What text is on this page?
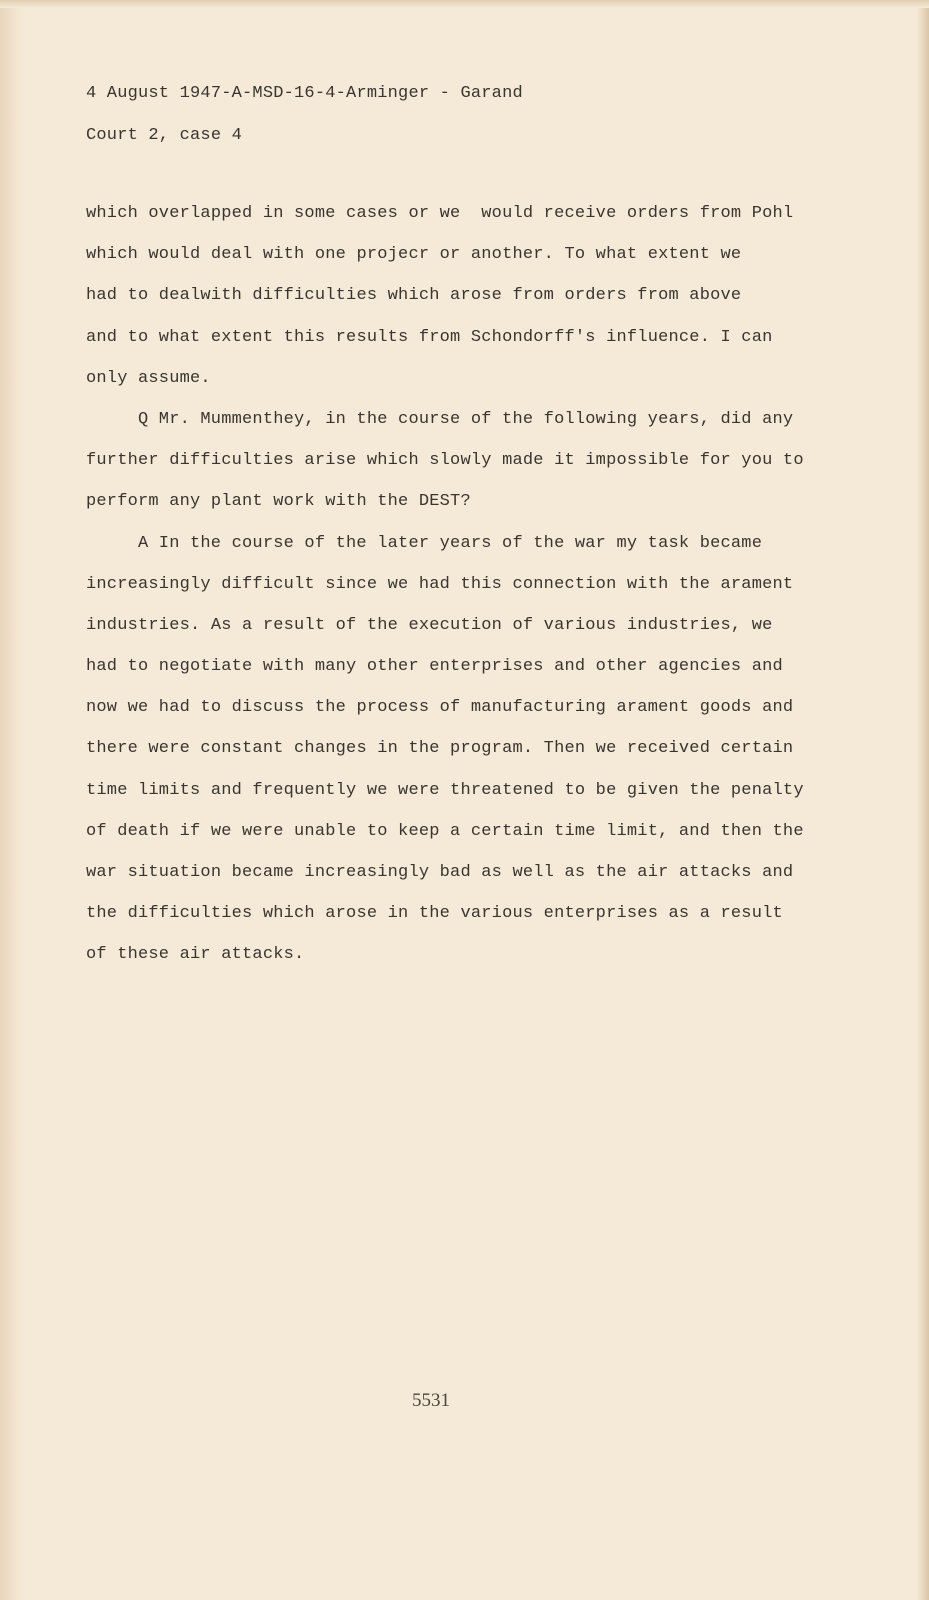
4 August 1947-A-MSD-16-4-Arminger - Garand
Court 2, case 4
which overlapped in some cases or we  would receive orders from Pohl
which would deal with one projecr or another. To what extent we
had to dealwith difficulties which arose from orders from above
and to what extent this results from Schondorff's influence. I can
only assume.
Q Mr. Mummenthey, in the course of the following years, did any
further difficulties arise which slowly made it impossible for you to
perform any plant work with the DEST?
A In the course of the later years of the war my task became
increasingly difficult since we had this connection with the arament
industries. As a result of the execution of various industries, we
had to negotiate with many other enterprises and other agencies and
now we had to discuss the process of manufacturing arament goods and
there were constant changes in the program. Then we received certain
time limits and frequently we were threatened to be given the penalty
of death if we were unable to keep a certain time limit, and then the
war situation became increasingly bad as well as the air attacks and
the difficulties which arose in the various enterprises as a result
of these air attacks.
5531
